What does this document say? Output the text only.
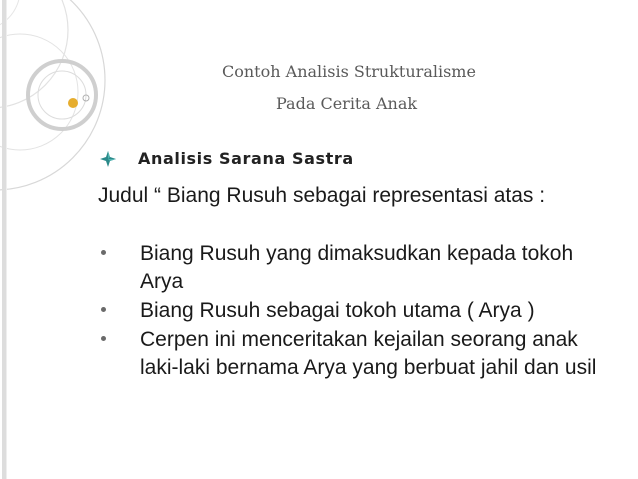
Contoh Analisis Strukturalisme
Pada Cerita Anak
Analisis Sarana Sastra

Judul “ Biang Rusuh sebagai representasi atas :

Biang Rusuh yang dimaksudkan kepada tokoh Arya
Biang Rusuh sebagai tokoh utama ( Arya )
Cerpen ini menceritakan kejailan seorang anak laki-laki bernama Arya yang berbuat jahil dan usil
